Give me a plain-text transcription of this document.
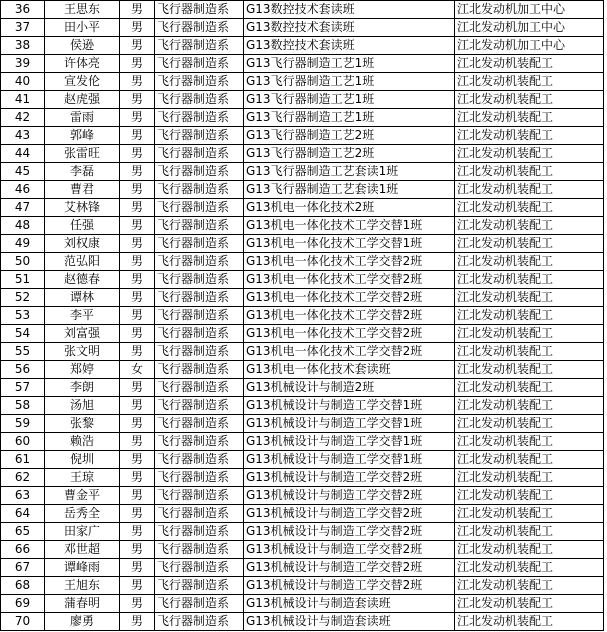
36	王思东	男	飞行器制造系	G13数控技术套读班	江北发动机加工中心
37	田小平	男	飞行器制造系	G13数控技术套读班	江北发动机加工中心
38	侯逊	男	飞行器制造系	G13数控技术套读班	江北发动机加工中心
39	许体亮	男	飞行器制造系	G13飞行器制造工艺1班	江北发动机装配工
40	宣发伦	男	飞行器制造系	G13飞行器制造工艺1班	江北发动机装配工
41	赵虎强	男	飞行器制造系	G13飞行器制造工艺1班	江北发动机装配工
42	雷雨	男	飞行器制造系	G13飞行器制造工艺1班	江北发动机装配工
43	郭峰	男	飞行器制造系	G13飞行器制造工艺2班	江北发动机装配工
44	张雷旺	男	飞行器制造系	G13飞行器制造工艺2班	江北发动机装配工
45	李磊	男	飞行器制造系	G13飞行器制造工艺套读1班	江北发动机装配工
46	曹君	男	飞行器制造系	G13飞行器制造工艺套读1班	江北发动机装配工
47	艾林锋	男	飞行器制造系	G13机电一体化技术2班	江北发动机装配工
48	任强	男	飞行器制造系	G13机电一体化技术工学交替1班	江北发动机装配工
49	刘权康	男	飞行器制造系	G13机电一体化技术工学交替1班	江北发动机装配工
50	范弘阳	男	飞行器制造系	G13机电一体化技术工学交替2班	江北发动机装配工
51	赵德春	男	飞行器制造系	G13机电一体化技术工学交替2班	江北发动机装配工
52	谭林	男	飞行器制造系	G13机电一体化技术工学交替2班	江北发动机装配工
53	李平	男	飞行器制造系	G13机电一体化技术工学交替2班	江北发动机装配工
54	刘富强	男	飞行器制造系	G13机电一体化技术工学交替2班	江北发动机装配工
55	张文明	男	飞行器制造系	G13机电一体化技术工学交替2班	江北发动机装配工
56	郑婷	女	飞行器制造系	G13机电一体化技术套读班	江北发动机装配工
57	李朗	男	飞行器制造系	G13机械设计与制造2班	江北发动机装配工
58	汤旭	男	飞行器制造系	G13机械设计与制造工学交替1班	江北发动机装配工
59	张黎	男	飞行器制造系	G13机械设计与制造工学交替1班	江北发动机装配工
60	赖浩	男	飞行器制造系	G13机械设计与制造工学交替1班	江北发动机装配工
61	倪圳	男	飞行器制造系	G13机械设计与制造工学交替1班	江北发动机装配工
62	王琼	男	飞行器制造系	G13机械设计与制造工学交替2班	江北发动机装配工
63	曹金平	男	飞行器制造系	G13机械设计与制造工学交替2班	江北发动机装配工
64	岳秀全	男	飞行器制造系	G13机械设计与制造工学交替2班	江北发动机装配工
65	田家广	男	飞行器制造系	G13机械设计与制造工学交替2班	江北发动机装配工
66	邓世超	男	飞行器制造系	G13机械设计与制造工学交替2班	江北发动机装配工
67	谭峰雨	男	飞行器制造系	G13机械设计与制造工学交替2班	江北发动机装配工
68	王旭东	男	飞行器制造系	G13机械设计与制造工学交替2班	江北发动机装配工
69	蒲春明	男	飞行器制造系	G13机械设计与制造套读班	江北发动机装配工
70	廖勇	男	飞行器制造系	G13机械设计与制造套读班	江北发动机装配工
